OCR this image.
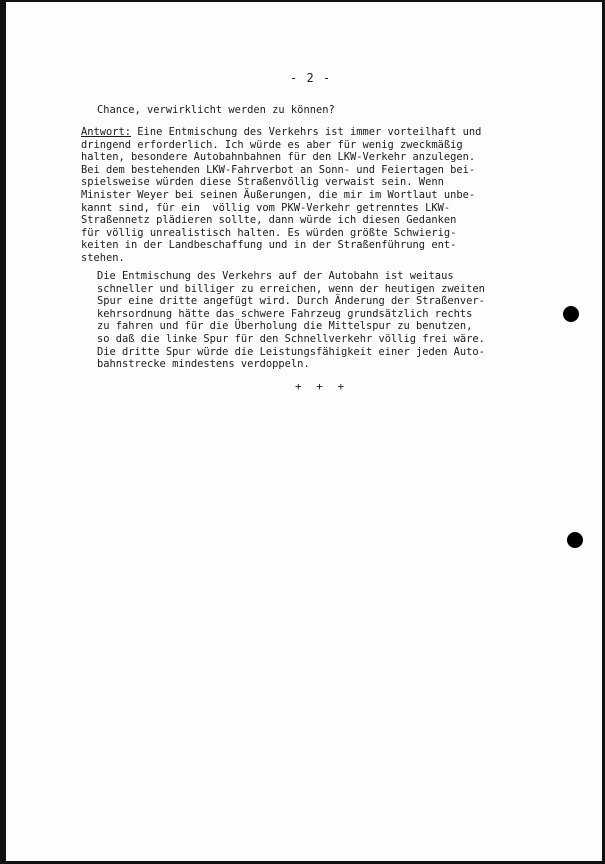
- 2 -
Chance, verwirklicht werden zu können?
Antwort: Eine Entmischung des Verkehrs ist immer vorteilhaft und
dringend erforderlich. Ich würde es aber für wenig zweckmäßig
halten, besondere Autobahnbahnen für den LKW-Verkehr anzulegen.
Bei dem bestehenden LKW-Fahrverbot an Sonn- und Feiertagen bei-
spielsweise würden diese Straßenvöllig verwaist sein. Wenn
Minister Weyer bei seinen Äußerungen, die mir im Wortlaut unbe-
kannt sind, für ein  völlig vom PKW-Verkehr getrenntes LKW-
Straßennetz plädieren sollte, dann würde ich diesen Gedanken
für völlig unrealistisch halten. Es würden größte Schwierig-
keiten in der Landbeschaffung und in der Straßenführung ent-
stehen.
Die Entmischung des Verkehrs auf der Autobahn ist weitaus
schneller und billiger zu erreichen, wenn der heutigen zweiten
Spur eine dritte angefügt wird. Durch Änderung der Straßenver-
kehrsordnung hätte das schwere Fahrzeug grundsätzlich rechts
zu fahren und für die Überholung die Mittelspur zu benutzen,
so daß die linke Spur für den Schnellverkehr völlig frei wäre.
Die dritte Spur würde die Leistungsfähigkeit einer jeden Auto-
bahnstrecke mindestens verdoppeln.
+ + +
